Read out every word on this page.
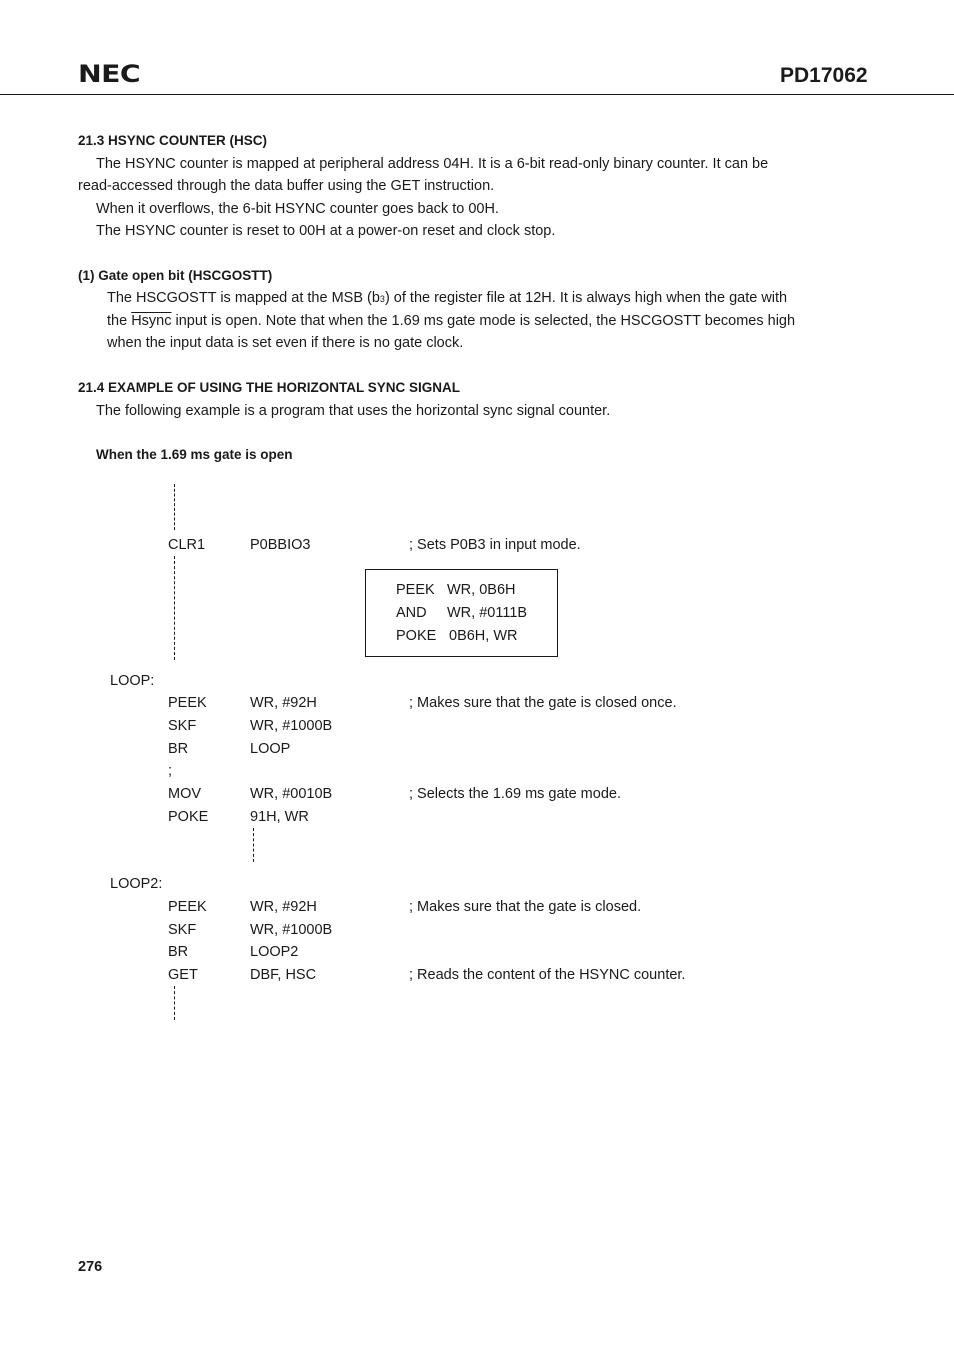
NEC	PD17062
21.3 HSYNC COUNTER (HSC)
The HSYNC counter is mapped at peripheral address 04H. It is a 6-bit read-only binary counter. It can be
read-accessed through the data buffer using the GET instruction.
When it overflows, the 6-bit HSYNC counter goes back to 00H.
The HSYNC counter is reset to 00H at a power-on reset and clock stop.
(1) Gate open bit (HSCGOSTT)
The HSCGOSTT is mapped at the MSB (b3) of the register file at 12H. It is always high when the gate with
the Hsync input is open. Note that when the 1.69 ms gate mode is selected, the HSCGOSTT becomes high
when the input data is set even if there is no gate clock.
21.4 EXAMPLE OF USING THE HORIZONTAL SYNC SIGNAL
The following example is a program that uses the horizontal sync signal counter.
When the 1.69 ms gate is open
CLR1	P0BBIO3	; Sets P0B3 in input mode.
PEEK WR, 0B6H
AND WR, #0111B
POKE 0B6H, WR
LOOP:
PEEK	WR, #92H	; Makes sure that the gate is closed once.
SKF	WR, #1000B
BR	LOOP
;
MOV	WR, #0010B	; Selects the 1.69 ms gate mode.
POKE	91H, WR
LOOP2:
PEEK	WR, #92H	; Makes sure that the gate is closed.
SKF	WR, #1000B
BR	LOOP2
GET	DBF, HSC	; Reads the content of the HSYNC counter.
276
